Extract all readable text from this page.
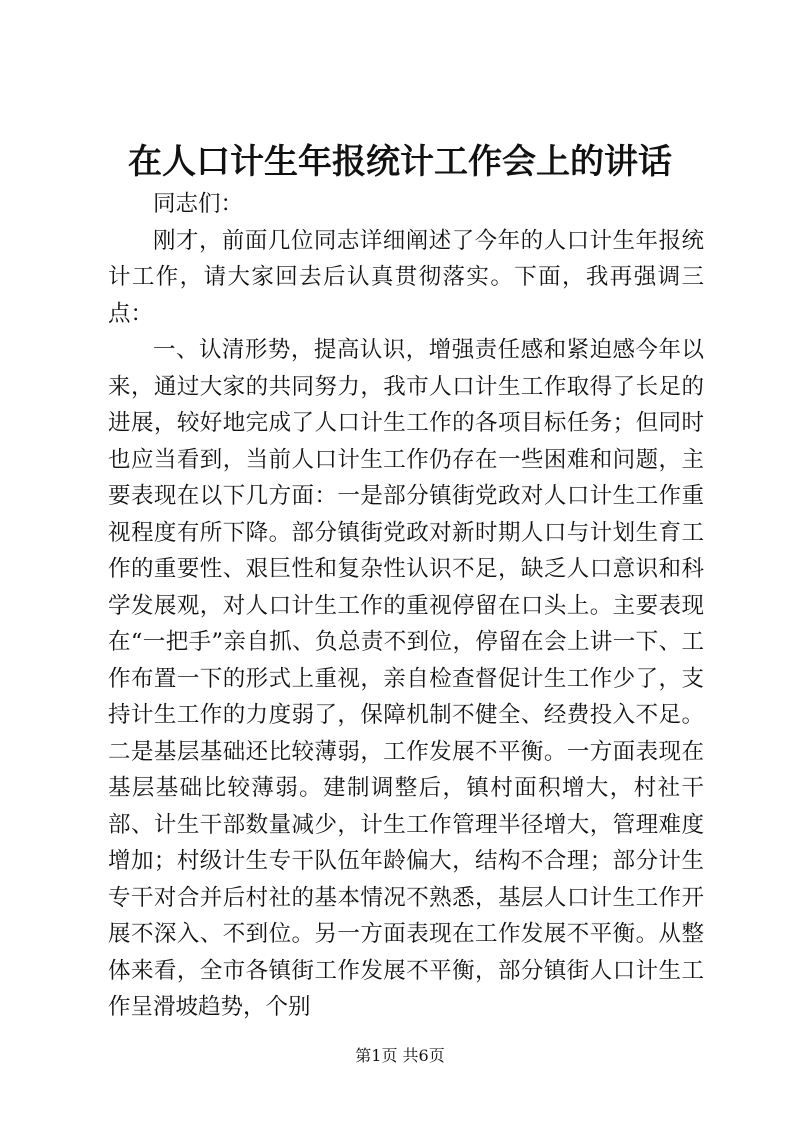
在人口计生年报统计工作会上的讲话

同志们：

刚才，前面几位同志详细阐述了今年的人口计生年报统计工作，请大家回去后认真贯彻落实。下面，我再强调三点：

一、认清形势，提高认识，增强责任感和紧迫感今年以来，通过大家的共同努力，我市人口计生工作取得了长足的进展，较好地完成了人口计生工作的各项目标任务；但同时也应当看到，当前人口计生工作仍存在一些困难和问题，主要表现在以下几方面：一是部分镇街党政对人口计生工作重视程度有所下降。部分镇街党政对新时期人口与计划生育工作的重要性、艰巨性和复杂性认识不足，缺乏人口意识和科学发展观，对人口计生工作的重视停留在口头上。主要表现在“一把手”亲自抓、负总责不到位，停留在会上讲一下、工作布置一下的形式上重视，亲自检查督促计生工作少了，支持计生工作的力度弱了，保障机制不健全、经费投入不足。二是基层基础还比较薄弱，工作发展不平衡。一方面表现在基层基础比较薄弱。建制调整后，镇村面积增大，村社干部、计生干部数量减少，计生工作管理半径增大，管理难度增加；村级计生专干队伍年龄偏大，结构不合理；部分计生专干对合并后村社的基本情况不熟悉，基层人口计生工作开展不深入、不到位。另一方面表现在工作发展不平衡。从整体来看，全市各镇街工作发展不平衡，部分镇街人口计生工作呈滑坡趋势，个别

第1页 共6页
